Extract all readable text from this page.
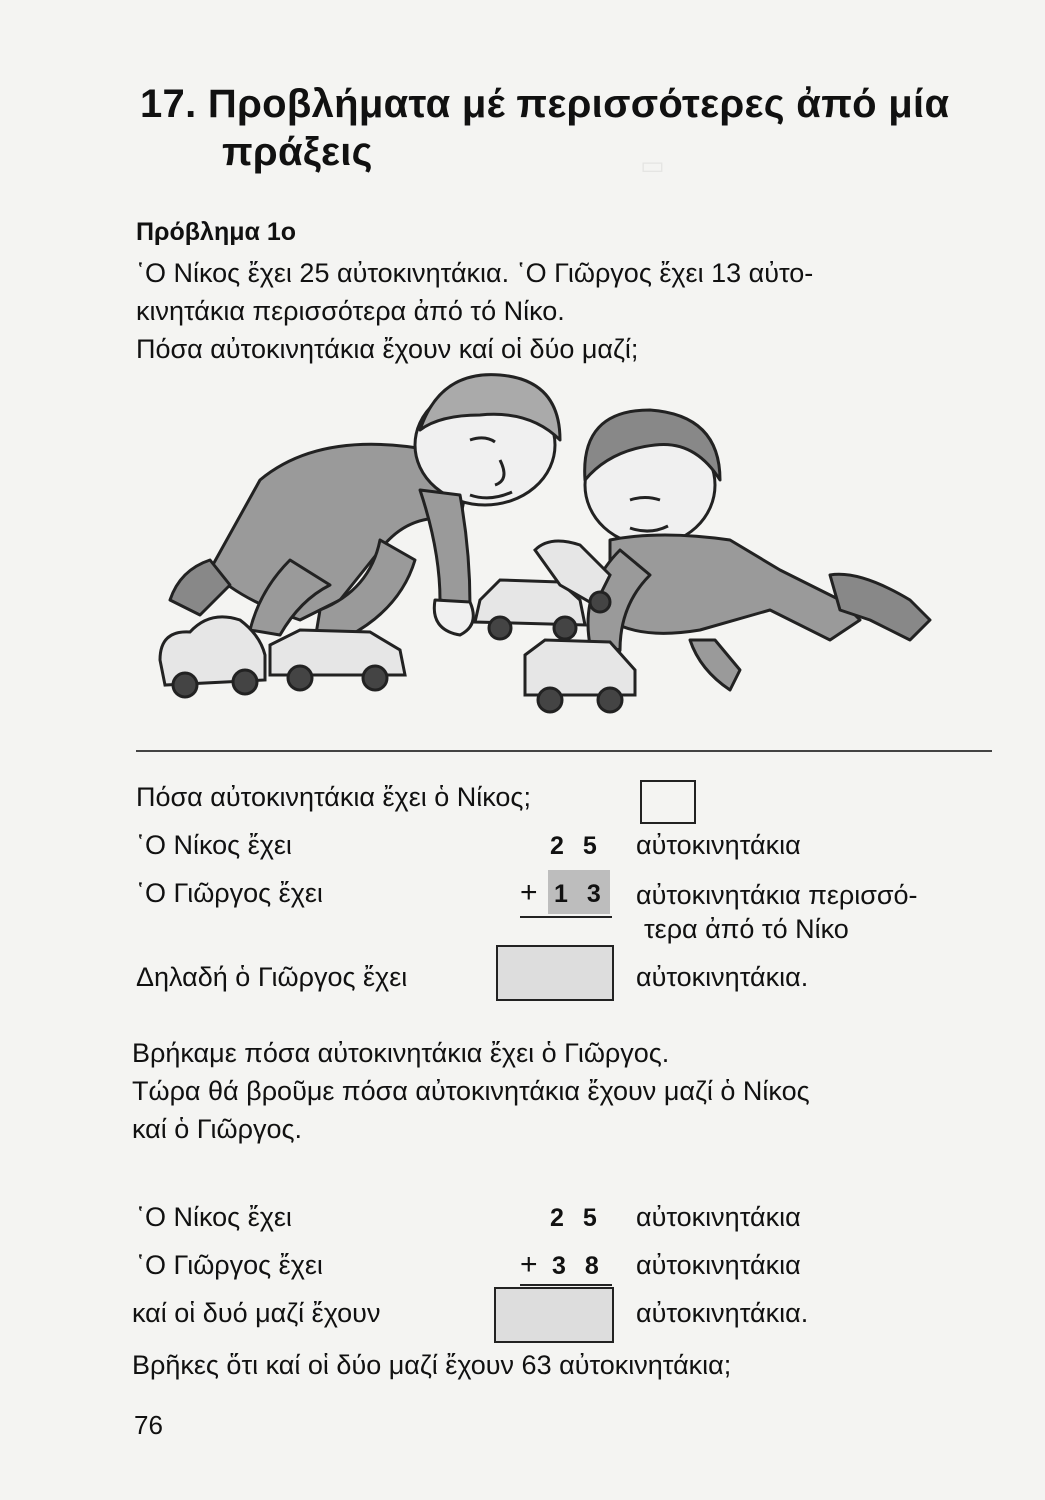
▭
17. Προβλήματα μέ περισσότερες ἀπό μία
πράξεις
Πρόβλημα 1ο
῾Ο Νίκος ἔχει 25 αὐτοκινητάκια. ῾Ο Γιῶργος ἔχει 13 αὐτο-
κινητάκια περισσότερα ἀπό τό Νίκο.
Πόσα αὐτοκινητάκια ἔχουν καί οἱ δύο μαζί;
Πόσα αὐτοκινητάκια ἔχει ὁ Νίκος;
῾Ο Νίκος ἔχει	2 5 αὐτοκινητάκια
῾Ο Γιῶργος ἔχει	+ 1 3 αὐτοκινητάκια περισσό-
τερα ἀπό τό Νίκο
Δηλαδή ὁ Γιῶργος ἔχει	αὐτοκινητάκια.
Βρήκαμε πόσα αὐτοκινητάκια ἔχει ὁ Γιῶργος.
Τώρα θά βροῦμε πόσα αὐτοκινητάκια ἔχουν μαζί ὁ Νίκος
καί ὁ Γιῶργος.
῾Ο Νίκος ἔχει	2 5 αὐτοκινητάκια
῾Ο Γιῶργος ἔχει	+ 3 8 αὐτοκινητάκια
καί οἱ δυό μαζί ἔχουν	αὐτοκινητάκια.
Βρῆκες ὅτι καί οἱ δύο μαζί ἔχουν 63 αὐτοκινητάκια;
76
